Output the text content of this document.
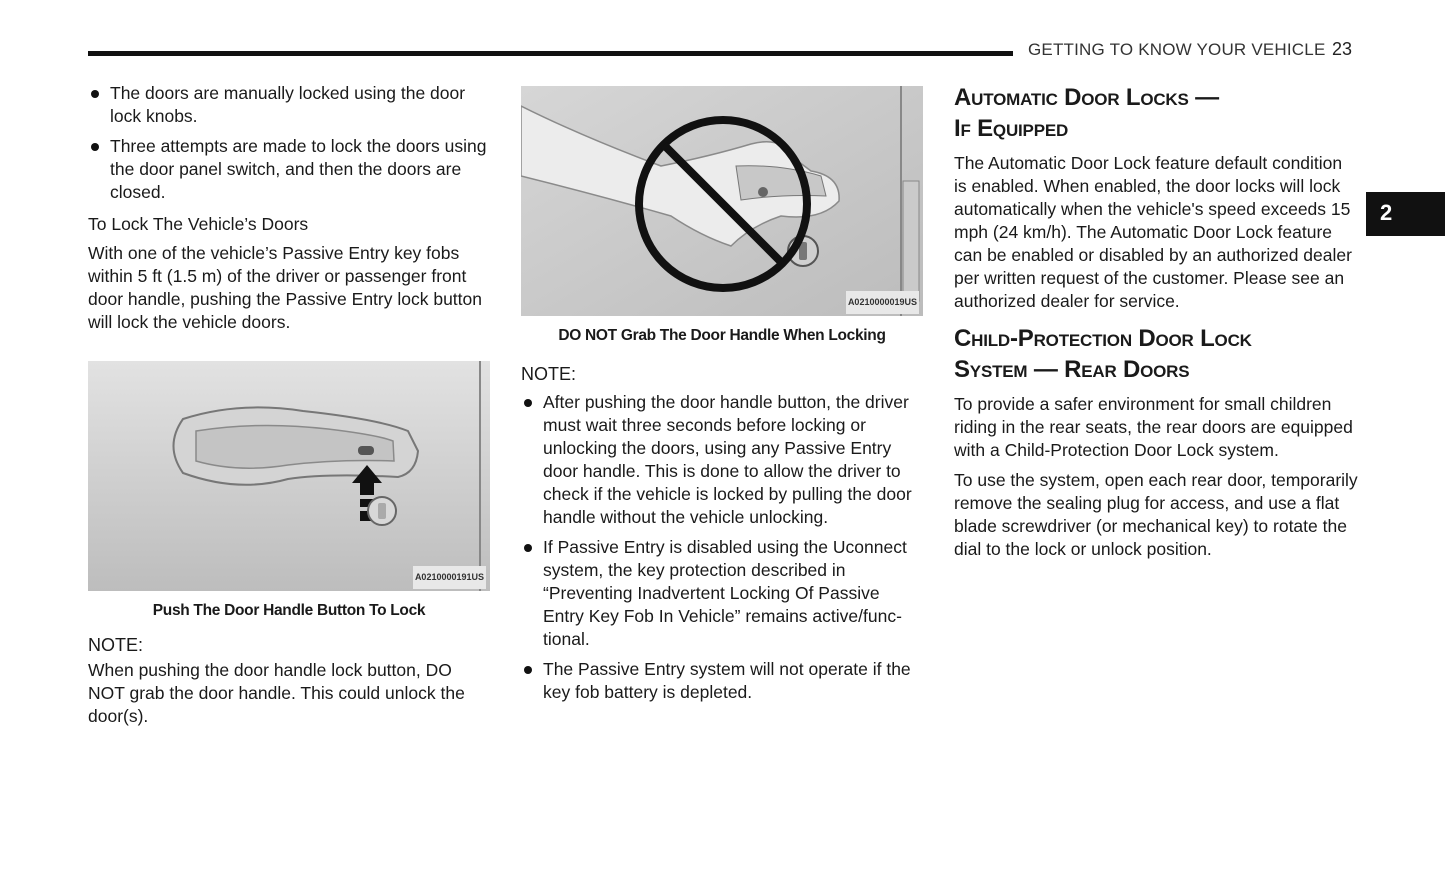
GETTING TO KNOW YOUR VEHICLE 23
2
The doors are manually locked using the door lock knobs.
Three attempts are made to lock the doors using the door panel switch, and then the doors are closed.
To Lock The Vehicle’s Doors

With one of the vehicle’s Passive Entry key fobs within 5 ft (1.5 m) of the driver or passenger front door handle, pushing the Passive Entry lock button will lock the vehicle doors.

A0210000191US
Push The Door Handle Button To Lock
NOTE:

When pushing the door handle lock button, DO NOT grab the door handle. This could unlock the door(s).

A0210000019US
DO NOT Grab The Door Handle When Locking
NOTE:
After pushing the door handle button, the driver must wait three seconds before locking or unlocking the doors, using any Passive Entry door handle. This is done to allow the driver to check if the vehicle is locked by pulling the door handle without the vehicle unlocking.
If Passive Entry is disabled using the Uconnect system, the key protection described in “Preventing Inadvertent Locking Of Passive Entry Key Fob In Vehicle” remains active/func-tional.
The Passive Entry system will not operate if the key fob battery is depleted.
Automatic Door Locks —
If Equipped

The Automatic Door Lock feature default condition is enabled. When enabled, the door locks will lock automatically when the vehicle's speed exceeds 15 mph (24 km/h). The Automatic Door Lock feature can be enabled or disabled by an authorized dealer per written request of the customer. Please see an authorized dealer for service.

Child-Protection Door Lock
System — Rear Doors

To provide a safer environment for small children riding in the rear seats, the rear doors are equipped with a Child-Protection Door Lock system.

To use the system, open each rear door, temporarily remove the sealing plug for access, and use a flat blade screwdriver (or mechanical key) to rotate the dial to the lock or unlock position.
